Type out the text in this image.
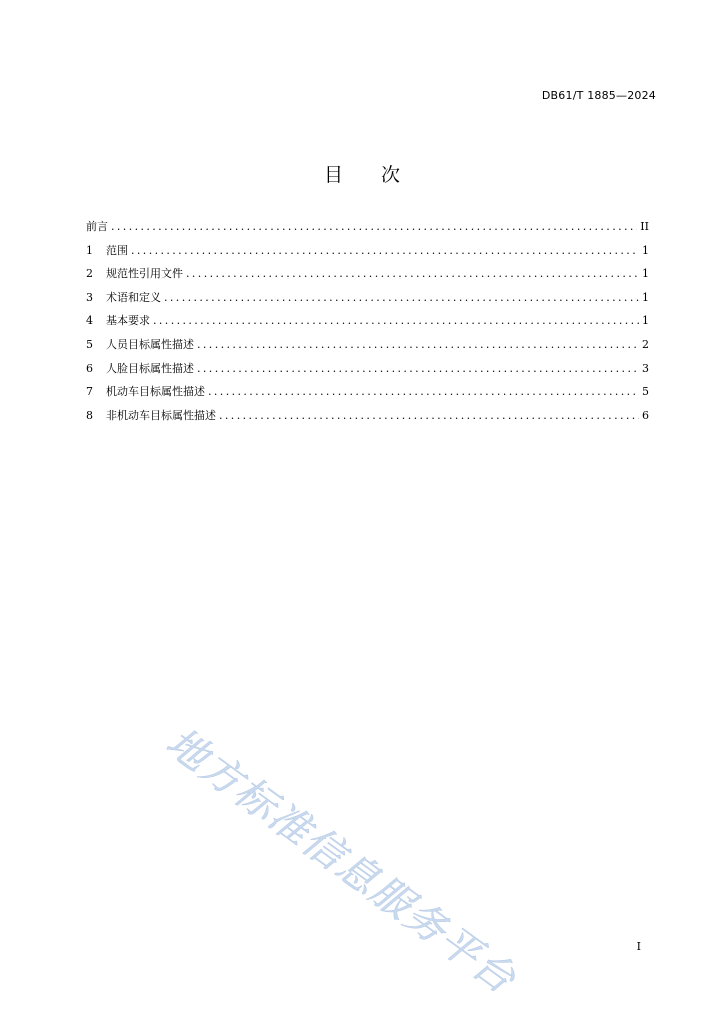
DB61/T 1885—2024
目次
前言 .....	II
1	范围 .....	1
2	规范性引用文件 .....	1
3	术语和定义 .....	1
4	基本要求 .....	1
5	人员目标属性描述 .....	2
6	人脸目标属性描述 .....	3
7	机动车目标属性描述 .....	5
8	非机动车目标属性描述 .....	6
地方标准信息服务平台	I
